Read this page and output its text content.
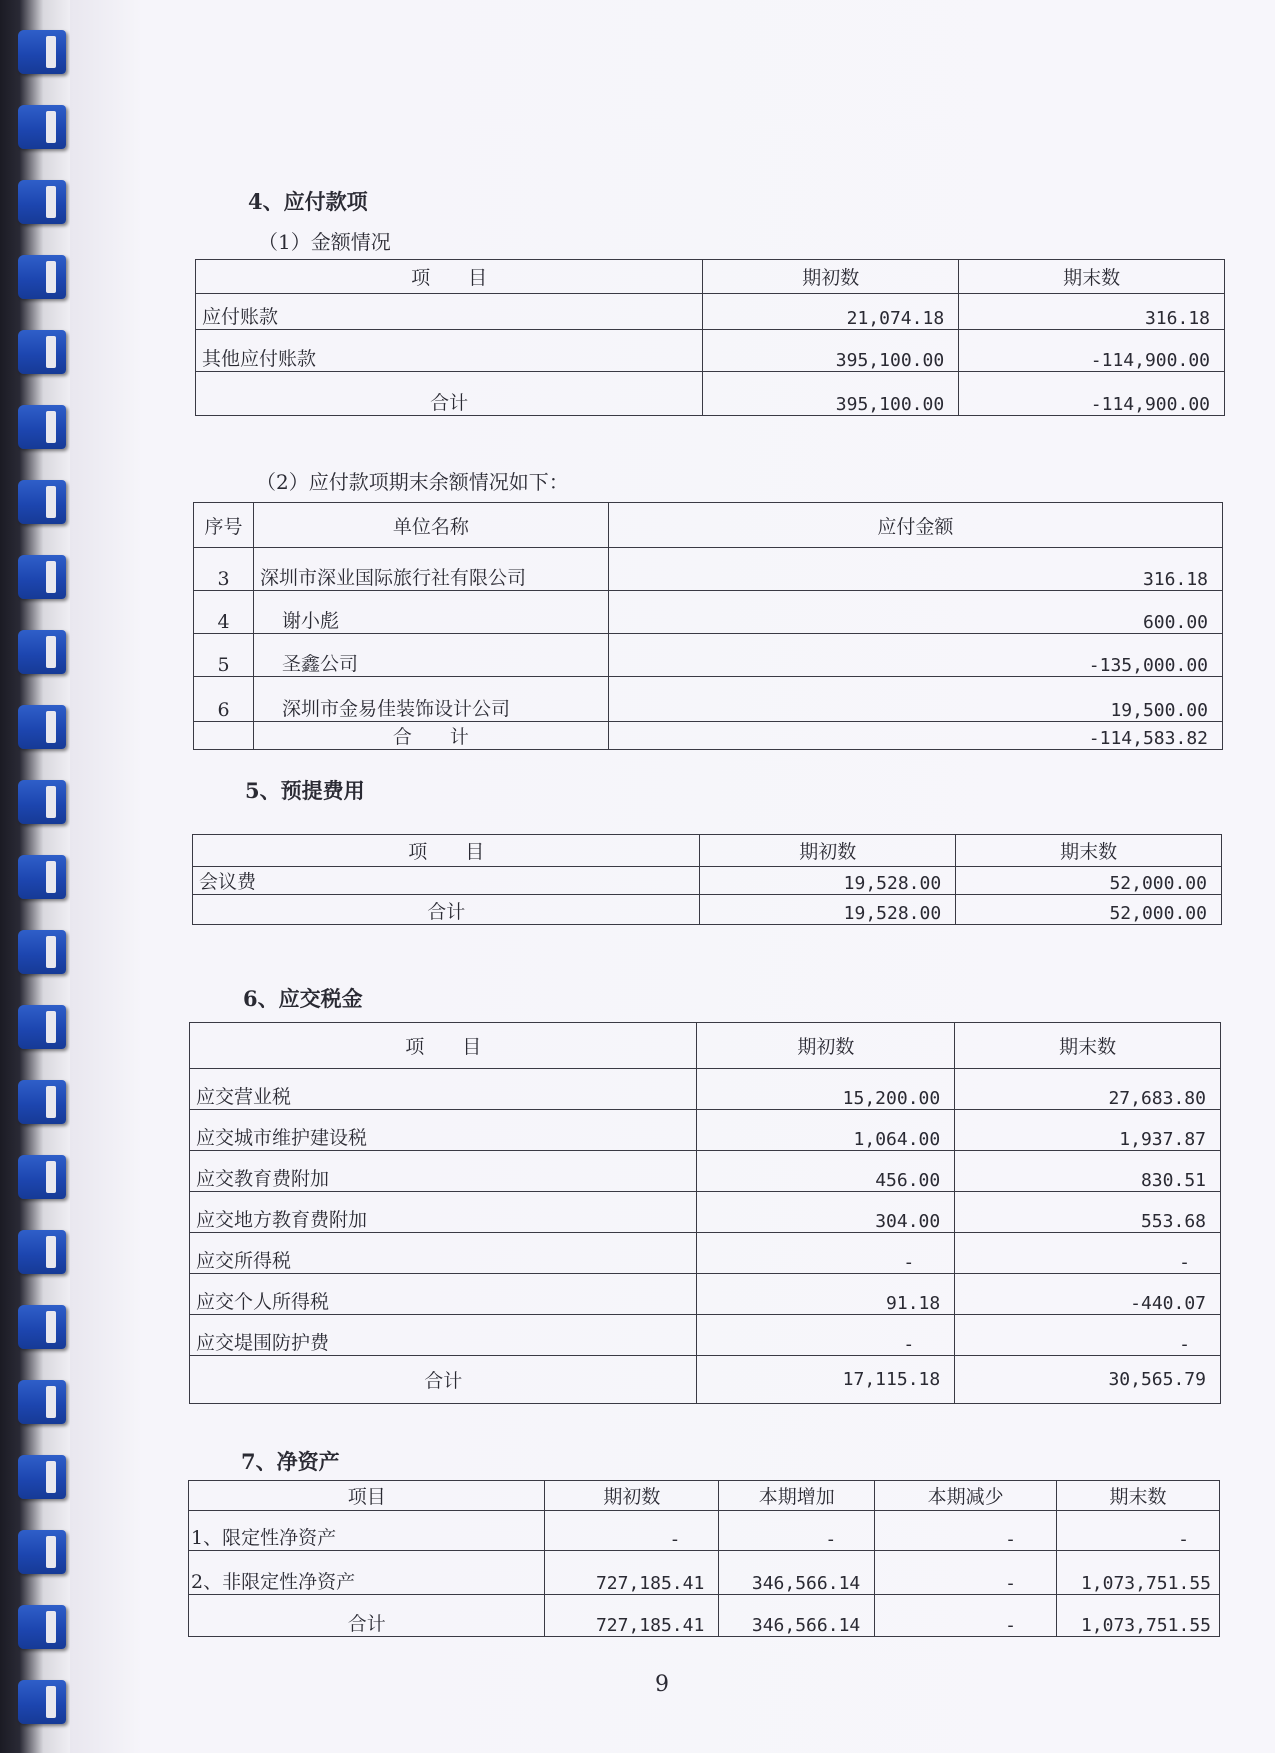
4、应付款项
（1）金额情况
项　　目	期初数	期末数
应付账款	21,074.18	316.18
其他应付账款	395,100.00	-114,900.00
合计	395,100.00	-114,900.00
（2）应付款项期末余额情况如下：
序号	单位名称	应付金额
3	深圳市深业国际旅行社有限公司	316.18
4	谢小彪	600.00
5	圣鑫公司	-135,000.00
6	深圳市金易佳装饰设计公司	19,500.00
	合　　计	-114,583.82
5、预提费用
项　　目	期初数	期末数
会议费	19,528.00	52,000.00
合计	19,528.00	52,000.00
6、应交税金
项　　目	期初数	期末数
应交营业税	15,200.00	27,683.80
应交城市维护建设税	1,064.00	1,937.87
应交教育费附加	456.00	830.51
应交地方教育费附加	304.00	553.68
应交所得税	-	-
应交个人所得税	91.18	-440.07
应交堤围防护费	-	-
合计	17,115.18	30,565.79
7、净资产
项目	期初数	本期增加	本期减少	期末数
1、限定性净资产	-	-	-	-
2、非限定性净资产	727,185.41	346,566.14	-	1,073,751.55
合计	727,185.41	346,566.14	-	1,073,751.55
9
